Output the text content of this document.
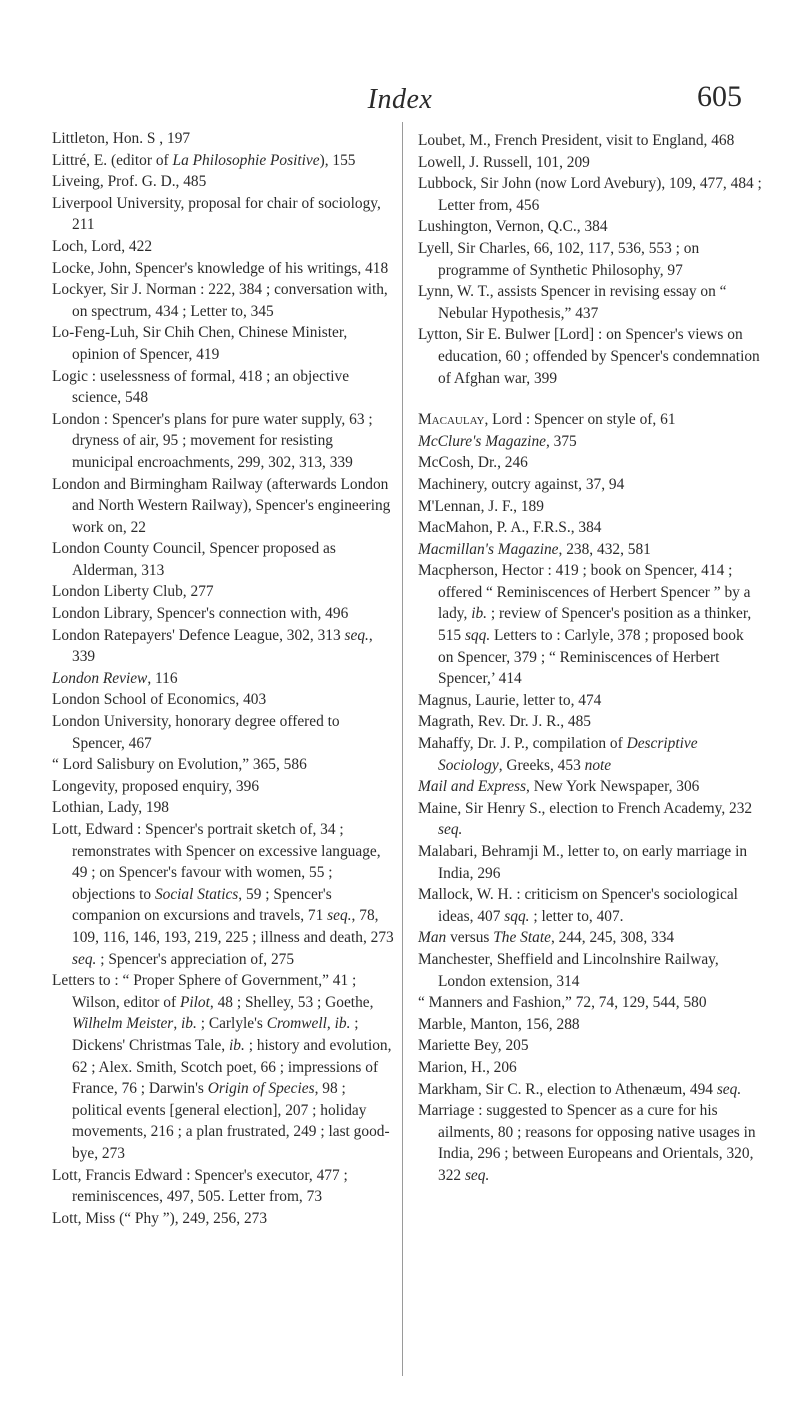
Index	605

Littleton, Hon. S , 197

Littré, E. (editor of La Philosophie Positive), 155

Liveing, Prof. G. D., 485

Liverpool University, proposal for chair of sociology, 211

Loch, Lord, 422

Locke, John, Spencer's knowledge of his writings, 418

Lockyer, Sir J. Norman : 222, 384 ; conversation with, on spectrum, 434 ; Letter to, 345

Lo-Feng-Luh, Sir Chih Chen, Chinese Minister, opinion of Spencer, 419

Logic : uselessness of formal, 418 ; an objective science, 548

London : Spencer's plans for pure water supply, 63 ; dryness of air, 95 ; movement for resisting municipal encroachments, 299, 302, 313, 339

London and Birmingham Railway (afterwards London and North Western Railway), Spencer's engineering work on, 22

London County Council, Spencer proposed as Alderman, 313

London Liberty Club, 277

London Library, Spencer's connection with, 496

London Ratepayers' Defence League, 302, 313 seq., 339

London Review, 116

London School of Economics, 403

London University, honorary degree offered to Spencer, 467

“ Lord Salisbury on Evolution,” 365, 586

Longevity, proposed enquiry, 396

Lothian, Lady, 198

Lott, Edward : Spencer's portrait sketch of, 34 ; remonstrates with Spencer on excessive language, 49 ; on Spencer's favour with women, 55 ; objections to Social Statics, 59 ; Spencer's companion on excursions and travels, 71 seq., 78, 109, 116, 146, 193, 219, 225 ; illness and death, 273 seq. ; Spencer's appreciation of, 275

Letters to : “ Proper Sphere of Government,” 41 ; Wilson, editor of Pilot, 48 ; Shelley, 53 ; Goethe, Wilhelm Meister, ib. ; Carlyle's Cromwell, ib. ; Dickens' Christmas Tale, ib. ; history and evolution, 62 ; Alex. Smith, Scotch poet, 66 ; impressions of France, 76 ; Darwin's Origin of Species, 98 ; political events [general election], 207 ; holiday movements, 216 ; a plan frustrated, 249 ; last good-bye, 273

Lott, Francis Edward : Spencer's executor, 477 ; reminiscences, 497, 505. Letter from, 73

Lott, Miss (“ Phy ”), 249, 256, 273

Loubet, M., French President, visit to England, 468

Lowell, J. Russell, 101, 209

Lubbock, Sir John (now Lord Avebury), 109, 477, 484 ; Letter from, 456

Lushington, Vernon, Q.C., 384

Lyell, Sir Charles, 66, 102, 117, 536, 553 ; on programme of Synthetic Philosophy, 97

Lynn, W. T., assists Spencer in revising essay on “ Nebular Hypothesis,” 437

Lytton, Sir E. Bulwer [Lord] : on Spencer's views on education, 60 ; offended by Spencer's condemnation of Afghan war, 399

Macaulay, Lord : Spencer on style of, 61

McClure's Magazine, 375

McCosh, Dr., 246

Machinery, outcry against, 37, 94

M'Lennan, J. F., 189

MacMahon, P. A., F.R.S., 384

Macmillan's Magazine, 238, 432, 581

Macpherson, Hector : 419 ; book on Spencer, 414 ; offered “ Reminiscences of Herbert Spencer ” by a lady, ib. ; review of Spencer's position as a thinker, 515 sqq. Letters to : Carlyle, 378 ; proposed book on Spencer, 379 ; “ Reminiscences of Herbert Spencer,’ 414

Magnus, Laurie, letter to, 474

Magrath, Rev. Dr. J. R., 485

Mahaffy, Dr. J. P., compilation of Descriptive Sociology, Greeks, 453 note

Mail and Express, New York Newspaper, 306

Maine, Sir Henry S., election to French Academy, 232 seq.

Malabari, Behramji M., letter to, on early marriage in India, 296

Mallock, W. H. : criticism on Spencer's sociological ideas, 407 sqq. ; letter to, 407.

Man versus The State, 244, 245, 308, 334

Manchester, Sheffield and Lincolnshire Railway, London extension, 314

“ Manners and Fashion,” 72, 74, 129, 544, 580

Marble, Manton, 156, 288

Mariette Bey, 205

Marion, H., 206

Markham, Sir C. R., election to Athenæum, 494 seq.

Marriage : suggested to Spencer as a cure for his ailments, 80 ; reasons for opposing native usages in India, 296 ; between Europeans and Orientals, 320, 322 seq.
